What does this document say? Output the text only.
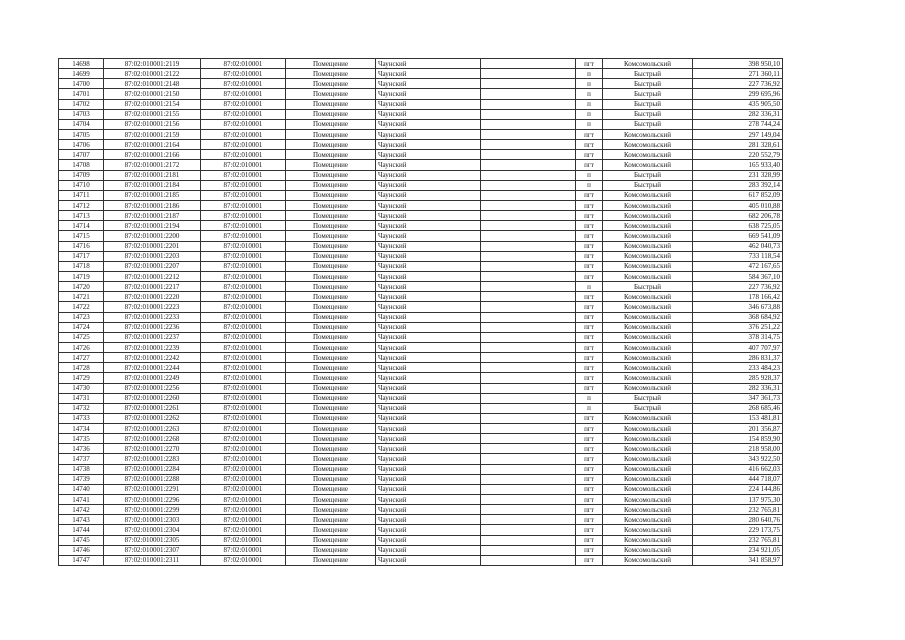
14698	87:02:010001:2119	87:02:010001	Помещение	Чаунский		пгт	Комсомольский	398 950,10
14699	87:02:010001:2122	87:02:010001	Помещение	Чаунский		п	Быстрый	271 360,11
14700	87:02:010001:2148	87:02:010001	Помещение	Чаунский		п	Быстрый	227 736,92
14701	87:02:010001:2150	87:02:010001	Помещение	Чаунский		п	Быстрый	299 695,96
14702	87:02:010001:2154	87:02:010001	Помещение	Чаунский		п	Быстрый	435 905,50
14703	87:02:010001:2155	87:02:010001	Помещение	Чаунский		п	Быстрый	282 336,31
14704	87:02:010001:2156	87:02:010001	Помещение	Чаунский		п	Быстрый	278 744,24
14705	87:02:010001:2159	87:02:010001	Помещение	Чаунский		пгт	Комсомольский	297 149,04
14706	87:02:010001:2164	87:02:010001	Помещение	Чаунский		пгт	Комсомольский	281 328,61
14707	87:02:010001:2166	87:02:010001	Помещение	Чаунский		пгт	Комсомольский	220 552,79
14708	87:02:010001:2172	87:02:010001	Помещение	Чаунский		пгт	Комсомольский	165 933,40
14709	87:02:010001:2181	87:02:010001	Помещение	Чаунский		п	Быстрый	231 328,99
14710	87:02:010001:2184	87:02:010001	Помещение	Чаунский		п	Быстрый	283 392,14
14711	87:02:010001:2185	87:02:010001	Помещение	Чаунский		пгт	Комсомольский	617 852,09
14712	87:02:010001:2186	87:02:010001	Помещение	Чаунский		пгт	Комсомольский	405 010,88
14713	87:02:010001:2187	87:02:010001	Помещение	Чаунский		пгт	Комсомольский	682 206,78
14714	87:02:010001:2194	87:02:010001	Помещение	Чаунский		пгт	Комсомольский	638 725,05
14715	87:02:010001:2200	87:02:010001	Помещение	Чаунский		пгт	Комсомольский	669 541,09
14716	87:02:010001:2201	87:02:010001	Помещение	Чаунский		пгт	Комсомольский	462 040,73
14717	87:02:010001:2203	87:02:010001	Помещение	Чаунский		пгт	Комсомольский	733 118,54
14718	87:02:010001:2207	87:02:010001	Помещение	Чаунский		пгт	Комсомольский	472 167,65
14719	87:02:010001:2212	87:02:010001	Помещение	Чаунский		пгт	Комсомольский	584 367,10
14720	87:02:010001:2217	87:02:010001	Помещение	Чаунский		п	Быстрый	227 736,92
14721	87:02:010001:2220	87:02:010001	Помещение	Чаунский		пгт	Комсомольский	178 166,42
14722	87:02:010001:2223	87:02:010001	Помещение	Чаунский		пгт	Комсомольский	346 673,88
14723	87:02:010001:2233	87:02:010001	Помещение	Чаунский		пгт	Комсомольский	368 684,92
14724	87:02:010001:2236	87:02:010001	Помещение	Чаунский		пгт	Комсомольский	376 251,22
14725	87:02:010001:2237	87:02:010001	Помещение	Чаунский		пгт	Комсомольский	378 314,75
14726	87:02:010001:2239	87:02:010001	Помещение	Чаунский		пгт	Комсомольский	407 707,97
14727	87:02:010001:2242	87:02:010001	Помещение	Чаунский		пгт	Комсомольский	286 831,37
14728	87:02:010001:2244	87:02:010001	Помещение	Чаунский		пгт	Комсомольский	233 484,23
14729	87:02:010001:2249	87:02:010001	Помещение	Чаунский		пгт	Комсомольский	285 928,37
14730	87:02:010001:2256	87:02:010001	Помещение	Чаунский		пгт	Комсомольский	282 336,31
14731	87:02:010001:2260	87:02:010001	Помещение	Чаунский		п	Быстрый	347 361,73
14732	87:02:010001:2261	87:02:010001	Помещение	Чаунский		п	Быстрый	268 685,46
14733	87:02:010001:2262	87:02:010001	Помещение	Чаунский		пгт	Комсомольский	153 481,81
14734	87:02:010001:2263	87:02:010001	Помещение	Чаунский		пгт	Комсомольский	201 356,87
14735	87:02:010001:2268	87:02:010001	Помещение	Чаунский		пгт	Комсомольский	154 859,90
14736	87:02:010001:2270	87:02:010001	Помещение	Чаунский		пгт	Комсомольский	218 958,00
14737	87:02:010001:2283	87:02:010001	Помещение	Чаунский		пгт	Комсомольский	343 922,50
14738	87:02:010001:2284	87:02:010001	Помещение	Чаунский		пгт	Комсомольский	416 662,03
14739	87:02:010001:2288	87:02:010001	Помещение	Чаунский		пгт	Комсомольский	444 718,07
14740	87:02:010001:2291	87:02:010001	Помещение	Чаунский		пгт	Комсомольский	224 144,86
14741	87:02:010001:2296	87:02:010001	Помещение	Чаунский		пгт	Комсомольский	137 975,30
14742	87:02:010001:2299	87:02:010001	Помещение	Чаунский		пгт	Комсомольский	232 765,81
14743	87:02:010001:2303	87:02:010001	Помещение	Чаунский		пгт	Комсомольский	280 640,76
14744	87:02:010001:2304	87:02:010001	Помещение	Чаунский		пгт	Комсомольский	229 173,75
14745	87:02:010001:2305	87:02:010001	Помещение	Чаунский		пгт	Комсомольский	232 765,81
14746	87:02:010001:2307	87:02:010001	Помещение	Чаунский		пгт	Комсомольский	234 921,05
14747	87:02:010001:2311	87:02:010001	Помещение	Чаунский		пгт	Комсомольский	341 858,97
